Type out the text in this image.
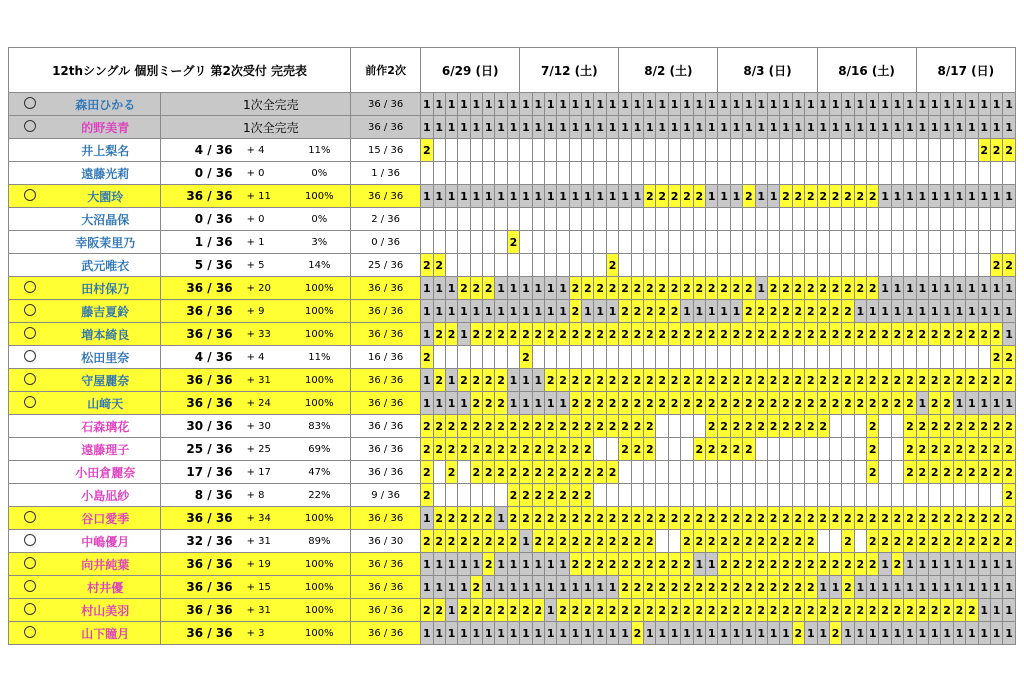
12thシングル 個別ミーグリ 第2次受付 完売表					前作2次	6/29 (日)								7/12 (土)								8/2 (土)								8/3 (日)								8/16 (土)								8/17 (日)							
	森田ひかる	1次全完売			36 / 36	1	1	1	1	1	1	1	1	1	1	1	1	1	1	1	1	1	1	1	1	1	1	1	1	1	1	1	1	1	1	1	1	1	1	1	1	1	1	1	1	1	1	1	1	1	1	1	1
	的野美青	1次全完売			36 / 36	1	1	1	1	1	1	1	1	1	1	1	1	1	1	1	1	1	1	1	1	1	1	1	1	1	1	1	1	1	1	1	1	1	1	1	1	1	1	1	1	1	1	1	1	1	1	1	1
	井上梨名	4 / 36	+ 4	11%	15 / 36	2																																													2	2	2
	遠藤光莉	0 / 36	+ 0	0%	1 / 36																																																
	大園玲	36 / 36	+ 11	100%	36 / 36	1	1	1	1	1	1	1	1	1	1	1	1	1	1	1	1	1	1	2	2	2	2	2	1	1	1	2	1	1	2	2	2	2	2	2	2	2	1	1	1	1	1	1	1	1	1	1	1
	大沼晶保	0 / 36	+ 0	0%	2 / 36																																																
	幸阪茉里乃	1 / 36	+ 1	3%	0 / 36								2																																								
	武元唯衣	5 / 36	+ 5	14%	25 / 36	2	2														2																															2	2
	田村保乃	36 / 36	+ 20	100%	36 / 36	1	1	1	2	2	2	1	1	1	1	1	1	2	2	2	2	2	2	2	2	2	2	2	2	2	2	2	1	2	2	2	2	2	2	2	2	2	1	1	1	1	1	1	1	1	1	1	1
	藤吉夏鈴	36 / 36	+ 9	100%	36 / 36	1	1	1	1	1	1	1	1	1	1	1	1	2	1	1	1	2	2	2	2	2	1	1	1	1	1	2	2	2	2	2	2	2	2	2	1	1	1	1	1	1	1	1	1	1	1	1	1
	増本綺良	36 / 36	+ 33	100%	36 / 36	1	2	2	1	2	2	2	2	2	2	2	2	2	2	2	2	2	2	2	2	2	2	2	2	2	2	2	2	2	2	2	2	2	2	2	2	2	2	2	2	2	2	2	2	2	2	2	1
	松田里奈	4 / 36	+ 4	11%	16 / 36	2								2																																						2	2
	守屋麗奈	36 / 36	+ 31	100%	36 / 36	1	2	1	2	2	2	2	1	1	1	2	2	2	2	2	2	2	2	2	2	2	2	2	2	2	2	2	2	2	2	2	2	2	2	2	2	2	2	2	2	2	2	2	2	2	2	2	2
	山﨑天	36 / 36	+ 24	100%	36 / 36	1	1	1	1	2	2	2	1	1	1	1	1	2	2	2	2	2	2	2	2	2	2	2	2	2	2	2	2	2	2	2	2	2	2	2	2	2	2	2	2	1	2	2	1	1	1	1	1
	石森璃花	30 / 36	+ 30	83%	36 / 36	2	2	2	2	2	2	2	2	2	2	2	2	2	2	2	2	2	2	2					2	2	2	2	2	2	2	2	2	2				2			2	2	2	2	2	2	2	2	2
	遠藤理子	25 / 36	+ 25	69%	36 / 36	2	2	2	2	2	2	2	2	2	2	2	2	2	2			2	2	2				2	2	2	2	2										2			2	2	2	2	2	2	2	2	2
	小田倉麗奈	17 / 36	+ 17	47%	36 / 36	2		2		2	2	2	2	2	2	2	2	2	2	2	2																					2			2	2	2	2	2	2	2	2	2
	小島凪紗	8 / 36	+ 8	22%	9 / 36	2							2	2	2	2	2	2	2																																		2
	谷口愛季	36 / 36	+ 34	100%	36 / 36	1	2	2	2	2	2	1	2	2	2	2	2	2	2	2	2	2	2	2	2	2	2	2	2	2	2	2	2	2	2	2	2	2	2	2	2	2	2	2	2	2	2	2	2	2	2	2	2
	中嶋優月	32 / 36	+ 31	89%	36 / 30	2	2	2	2	2	2	2	2	1	2	2	2	2	2	2	2	2	2	2			2	2	2	2	2	2	2	2	2	2	2			2		2	2	2	2	2	2	2	2	2	2	2	2
	向井純葉	36 / 36	+ 19	100%	36 / 36	1	1	1	1	1	2	1	1	1	1	1	1	2	2	2	2	2	2	2	2	2	2	1	1	2	2	2	2	2	2	2	2	2	2	2	2	2	1	2	1	1	1	1	1	1	1	1	1
	村井優	36 / 36	+ 15	100%	36 / 36	1	1	1	1	2	1	1	1	1	1	1	1	1	1	1	1	2	2	2	2	2	2	2	2	2	2	2	2	2	2	2	2	1	1	2	1	1	1	1	1	1	1	1	1	1	1	1	1
	村山美羽	36 / 36	+ 31	100%	36 / 36	2	2	1	2	2	2	2	2	2	2	1	2	2	2	2	2	2	2	2	2	2	2	2	2	2	2	2	2	2	2	2	2	2	2	2	2	2	2	2	2	2	2	2	2	2	1	1	1
	山下瞳月	36 / 36	+ 3	100%	36 / 36	1	1	1	1	1	1	1	1	1	1	1	1	1	1	1	1	1	2	1	1	1	1	1	1	1	1	1	1	1	1	2	1	1	2	1	1	1	1	1	1	1	1	1	1	1	1	1	1
